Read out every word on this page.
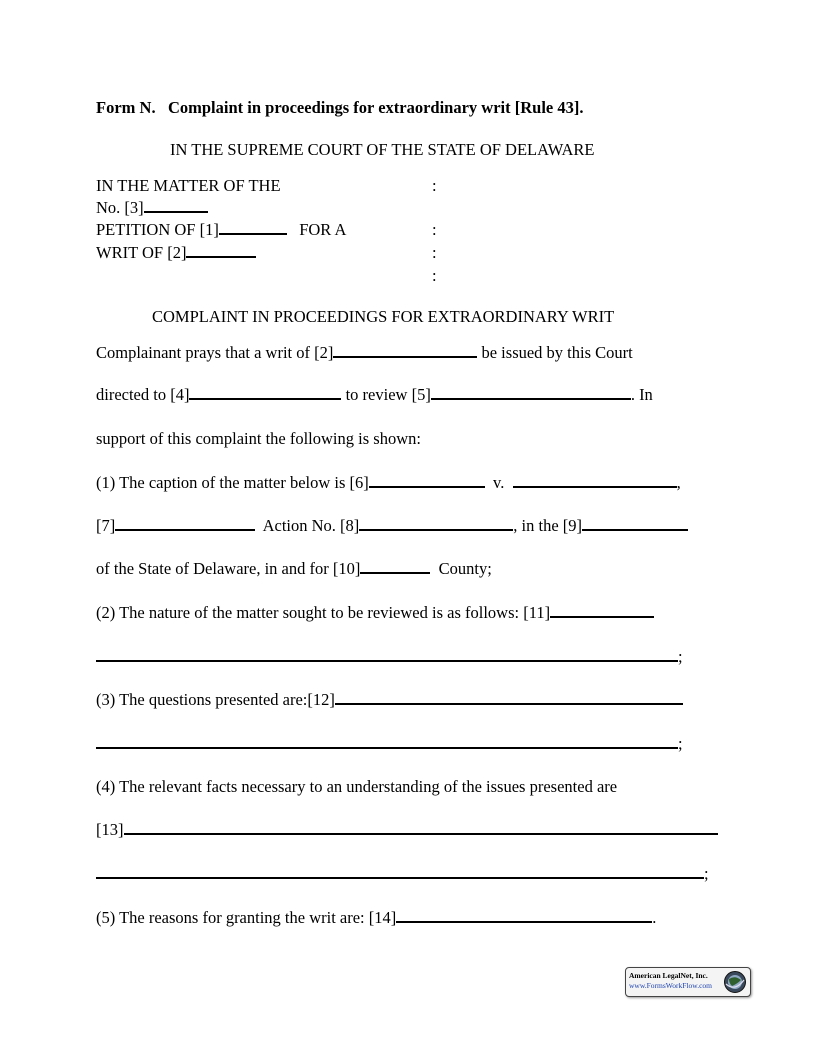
Form N. Complaint in proceedings for extraordinary writ [Rule 43].
IN THE SUPREME COURT OF THE STATE OF DELAWARE
IN THE MATTER OF THE	:
No. [3]
PETITION OF [1]	FOR A	:
WRIT OF [2]	:
:
COMPLAINT IN PROCEEDINGS FOR EXTRAORDINARY WRIT
Complainant prays that a writ of [2]	be issued by this Court
directed to [4]	to review [5]	. In
support of this complaint the following is shown:
(1) The caption of the matter below is [6]	v.	,
[7]	Action No. [8]	, in the [9]
of the State of Delaware, in and for [10]	County;
(2) The nature of the matter sought to be reviewed is as follows: [11]
;
(3) The questions presented are:[12]
;
(4) The relevant facts necessary to an understanding of the issues presented are
[13]
;
(5) The reasons for granting the writ are: [14]	.
American LegalNet, Inc.
www.FormsWorkFlow.com
